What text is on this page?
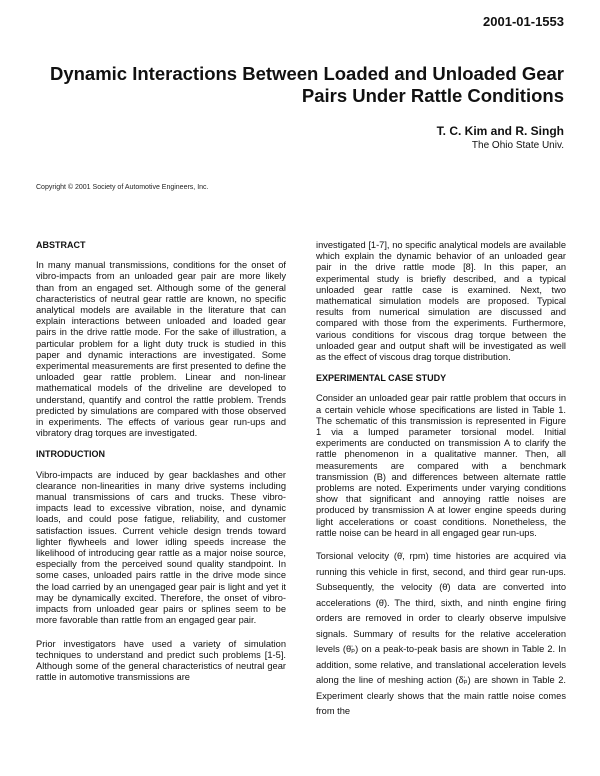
2001-01-1553
Dynamic Interactions Between Loaded and Unloaded Gear
Pairs Under Rattle Conditions
T. C. Kim and R. Singh
The Ohio State Univ.
Copyright © 2001 Society of Automotive Engineers, Inc.
ABSTRACT

In many manual transmissions, conditions for the onset of vibro-impacts from an unloaded gear pair are more likely than from an engaged set. Although some of the general characteristics of neutral gear rattle are known, no specific analytical models are available in the literature that can explain interactions between unloaded and loaded gear pairs in the drive rattle mode. For the sake of illustration, a particular problem for a light duty truck is studied in this paper and dynamic interactions are investigated. Some experimental measurements are first presented to define the unloaded gear rattle problem. Linear and non-linear mathematical models of the driveline are developed to understand, quantify and control the rattle problem. Trends predicted by simulations are compared with those observed in experiments. The effects of various gear run-ups and vibratory drag torques are investigated.

INTRODUCTION

Vibro-impacts are induced by gear backlashes and other clearance non-linearities in many drive systems including manual transmissions of cars and trucks. These vibro-impacts lead to excessive vibration, noise, and dynamic loads, and could pose fatigue, reliability, and customer satisfaction issues. Current vehicle design trends toward lighter flywheels and lower idling speeds increase the likelihood of introducing gear rattle as a major noise source, especially from the perceived sound quality standpoint. In some cases, unloaded pairs rattle in the drive mode since the load carried by an unengaged gear pair is light and yet it may be dynamically excited. Therefore, the onset of vibro-impacts from unloaded gear pairs or splines seem to be more favorable than rattle from an engaged gear pair.

Prior investigators have used a variety of simulation techniques to understand and predict such problems [1-5]. Although some of the general characteristics of neutral gear rattle in automotive transmissions are

investigated [1-7], no specific analytical models are available which explain the dynamic behavior of an unloaded gear pair in the drive rattle mode [8]. In this paper, an experimental study is briefly described, and a typical unloaded gear rattle case is examined. Next, two mathematical simulation models are proposed. Typical results from numerical simulation are discussed and compared with those from the experiments. Furthermore, various conditions for viscous drag torque between the unloaded gear and output shaft will be investigated as well as the effect of viscous drag torque distribution.

EXPERIMENTAL CASE STUDY

Consider an unloaded gear pair rattle problem that occurs in a certain vehicle whose specifications are listed in Table 1. The schematic of this transmission is represented in Figure 1 via a lumped parameter torsional model. Initial experiments are conducted on transmission A to clarify the rattle phenomenon in a qualitative manner. Then, all measurements are compared with a benchmark transmission (B) and differences between alternate rattle problems are noted. Experiments under varying conditions show that significant and annoying rattle noises are produced by transmission A at lower engine speeds during light accelerations or coast conditions. Nonetheless, the rattle noise can be heard in all engaged gear run-ups.

Torsional velocity (θ̇, rpm) time histories are acquired via running this vehicle in first, second, and third gear run-ups. Subsequently, the velocity (θ̇) data are converted into accelerations (θ̈). The third, sixth, and ninth engine firing orders are removed in order to clearly observe impulsive signals. Summary of results for the relative acceleration levels (θ̈ₚ) on a peak-to-peak basis are shown in Table 2. In addition, some relative, and translational acceleration levels along the line of meshing action (δ̈ₚ) are shown in Table 2. Experiment clearly shows that the main rattle noise comes from the
